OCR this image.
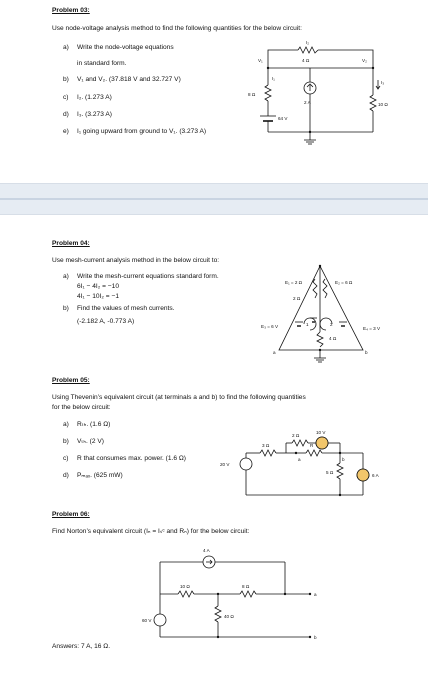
Problem 03:
Use node-voltage analysis method to find the following quantities for the below circuit:
a) Write the node-voltage equations
in standard form.
b) V₁ and V₂. (37.818 V and 32.727 V)
c) I₂. (1.273 A)
d) I₃. (3.273 A)
e) I₁ going upward from ground to V₁. (3.273 A)
4 Ω
I₂
V₁	V₂
8 Ω
I₁
2 A
64 V
10 Ω
I₃
Problem 04:
Use mesh-current analysis method in the below circuit to:
a) Write the mesh-current equations standard form.
6I₁ − 4I₂ = −10
4I₁ − 10I₂ = −1
b) Find the values of mesh currents.
(-2.182 A, -0.773 A)
E₁ = 2 Ω	E₂ = 6 Ω
2 Ω
4 Ω
E₃ = 6 V	E₄ = 3 V
1	2
a	b
Problem 05:
Using Thevenin’s equivalent circuit (at terminals a and b) to find the following quantities
for the below circuit:
a) Rₜₕ. (1.6 Ω)
b) Vₜₕ. (2 V)
c) R that consumes max. power. (1.6 Ω)
d) Pₘₐₓ. (625 mW)
2 Ω
10 V
3 Ω	R
a	b
5 Ω
20 V
6 A
Problem 06:
Find Norton’s equivalent circuit (Iₙ = Iₛᶜ and Rₙ) for the below circuit:
4 A
10 Ω	8 Ω
40 Ω
60 V
a
b
Answers: 7 A, 16 Ω.
